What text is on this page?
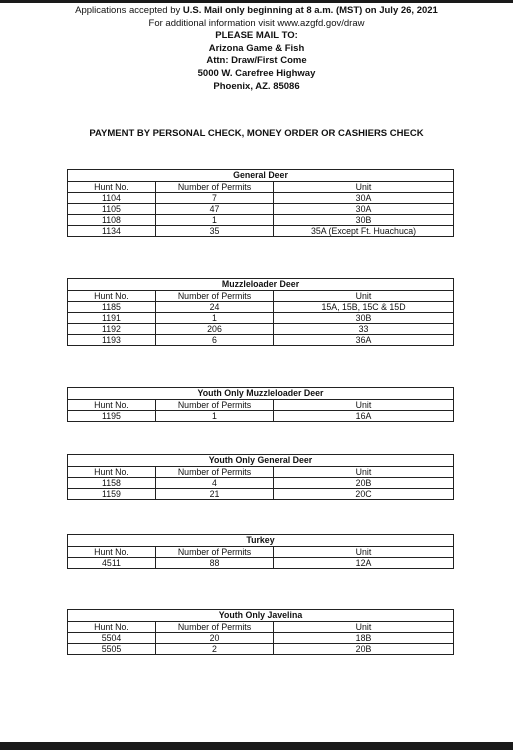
Applications accepted by U.S. Mail only beginning at 8 a.m. (MST) on July 26, 2021
For additional information visit www.azgfd.gov/draw
PLEASE MAIL TO:
Arizona Game & Fish
Attn: Draw/First Come
5000 W. Carefree Highway
Phoenix, AZ. 85086
PAYMENT BY PERSONAL CHECK, MONEY ORDER OR CASHIERS CHECK
General Deer		
Hunt No.	Number of Permits	Unit
1104	7	30A
1105	47	30A
1108	1	30B
1134	35	35A (Except Ft. Huachuca)
Muzzleloader Deer		
Hunt No.	Number of Permits	Unit
1185	24	15A, 15B, 15C & 15D
1191	1	30B
1192	206	33
1193	6	36A
Youth Only Muzzleloader Deer		
Hunt No.	Number of Permits	Unit
1195	1	16A
Youth Only General Deer		
Hunt No.	Number of Permits	Unit
1158	4	20B
1159	21	20C
Turkey		
Hunt No.	Number of Permits	Unit
4511	88	12A
Youth Only Javelina		
Hunt No.	Number of Permits	Unit
5504	20	18B
5505	2	20B
